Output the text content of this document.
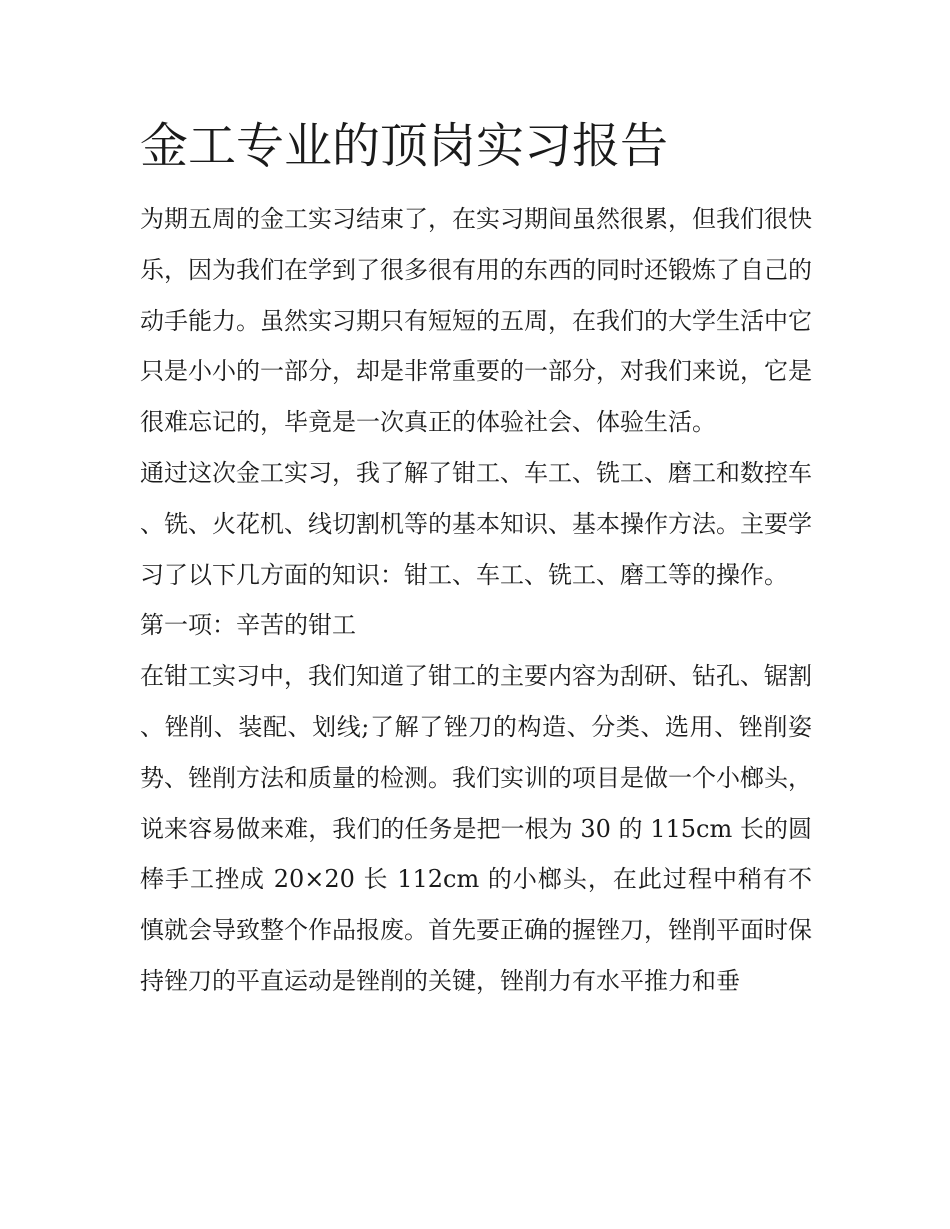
金工专业的顶岗实习报告

为期五周的金工实习结束了，在实习期间虽然很累，但我们很快乐，因为我们在学到了很多很有用的东西的同时还锻炼了自己的动手能力。虽然实习期只有短短的五周，在我们的大学生活中它只是小小的一部分，却是非常重要的一部分，对我们来说，它是很难忘记的，毕竟是一次真正的体验社会、体验生活。

通过这次金工实习，我了解了钳工、车工、铣工、磨工和数控车、铣、火花机、线切割机等的基本知识、基本操作方法。主要学习了以下几方面的知识：钳工、车工、铣工、磨工等的操作。

第一项：辛苦的钳工

在钳工实习中，我们知道了钳工的主要内容为刮研、钻孔、锯割、锉削、装配、划线;了解了锉刀的构造、分类、选用、锉削姿势、锉削方法和质量的检测。我们实训的项目是做一个小榔头，说来容易做来难，我们的任务是把一根为 30 的 115cm 长的圆棒手工挫成 20×20 长 112cm 的小榔头，在此过程中稍有不慎就会导致整个作品报废。首先要正确的握锉刀，锉削平面时保持锉刀的平直运动是锉削的关键，锉削力有水平推力和垂
